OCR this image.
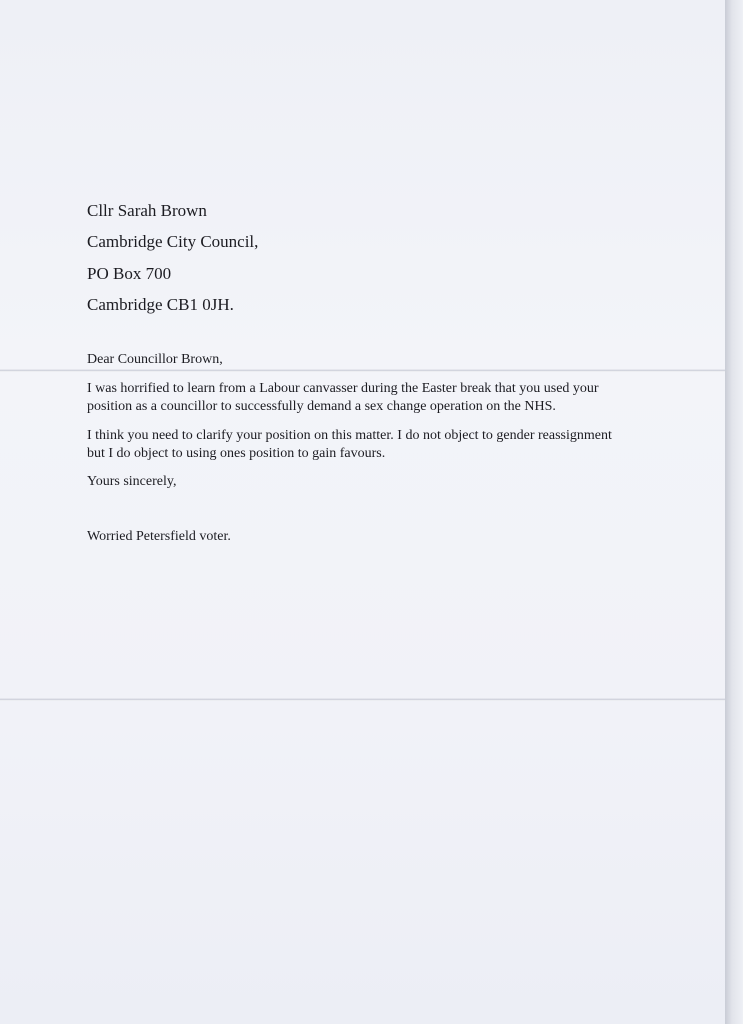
Cllr Sarah Brown
Cambridge City Council,
PO Box 700
Cambridge CB1 0JH.
Dear Councillor Brown,
I was horrified to learn from a Labour canvasser during the Easter break that you used your
position as a councillor to successfully demand a sex change operation on the NHS.
I think you need to clarify your position on this matter. I do not object to gender reassignment
but I do object to using ones position to gain favours.
Yours sincerely,
Worried Petersfield voter.
